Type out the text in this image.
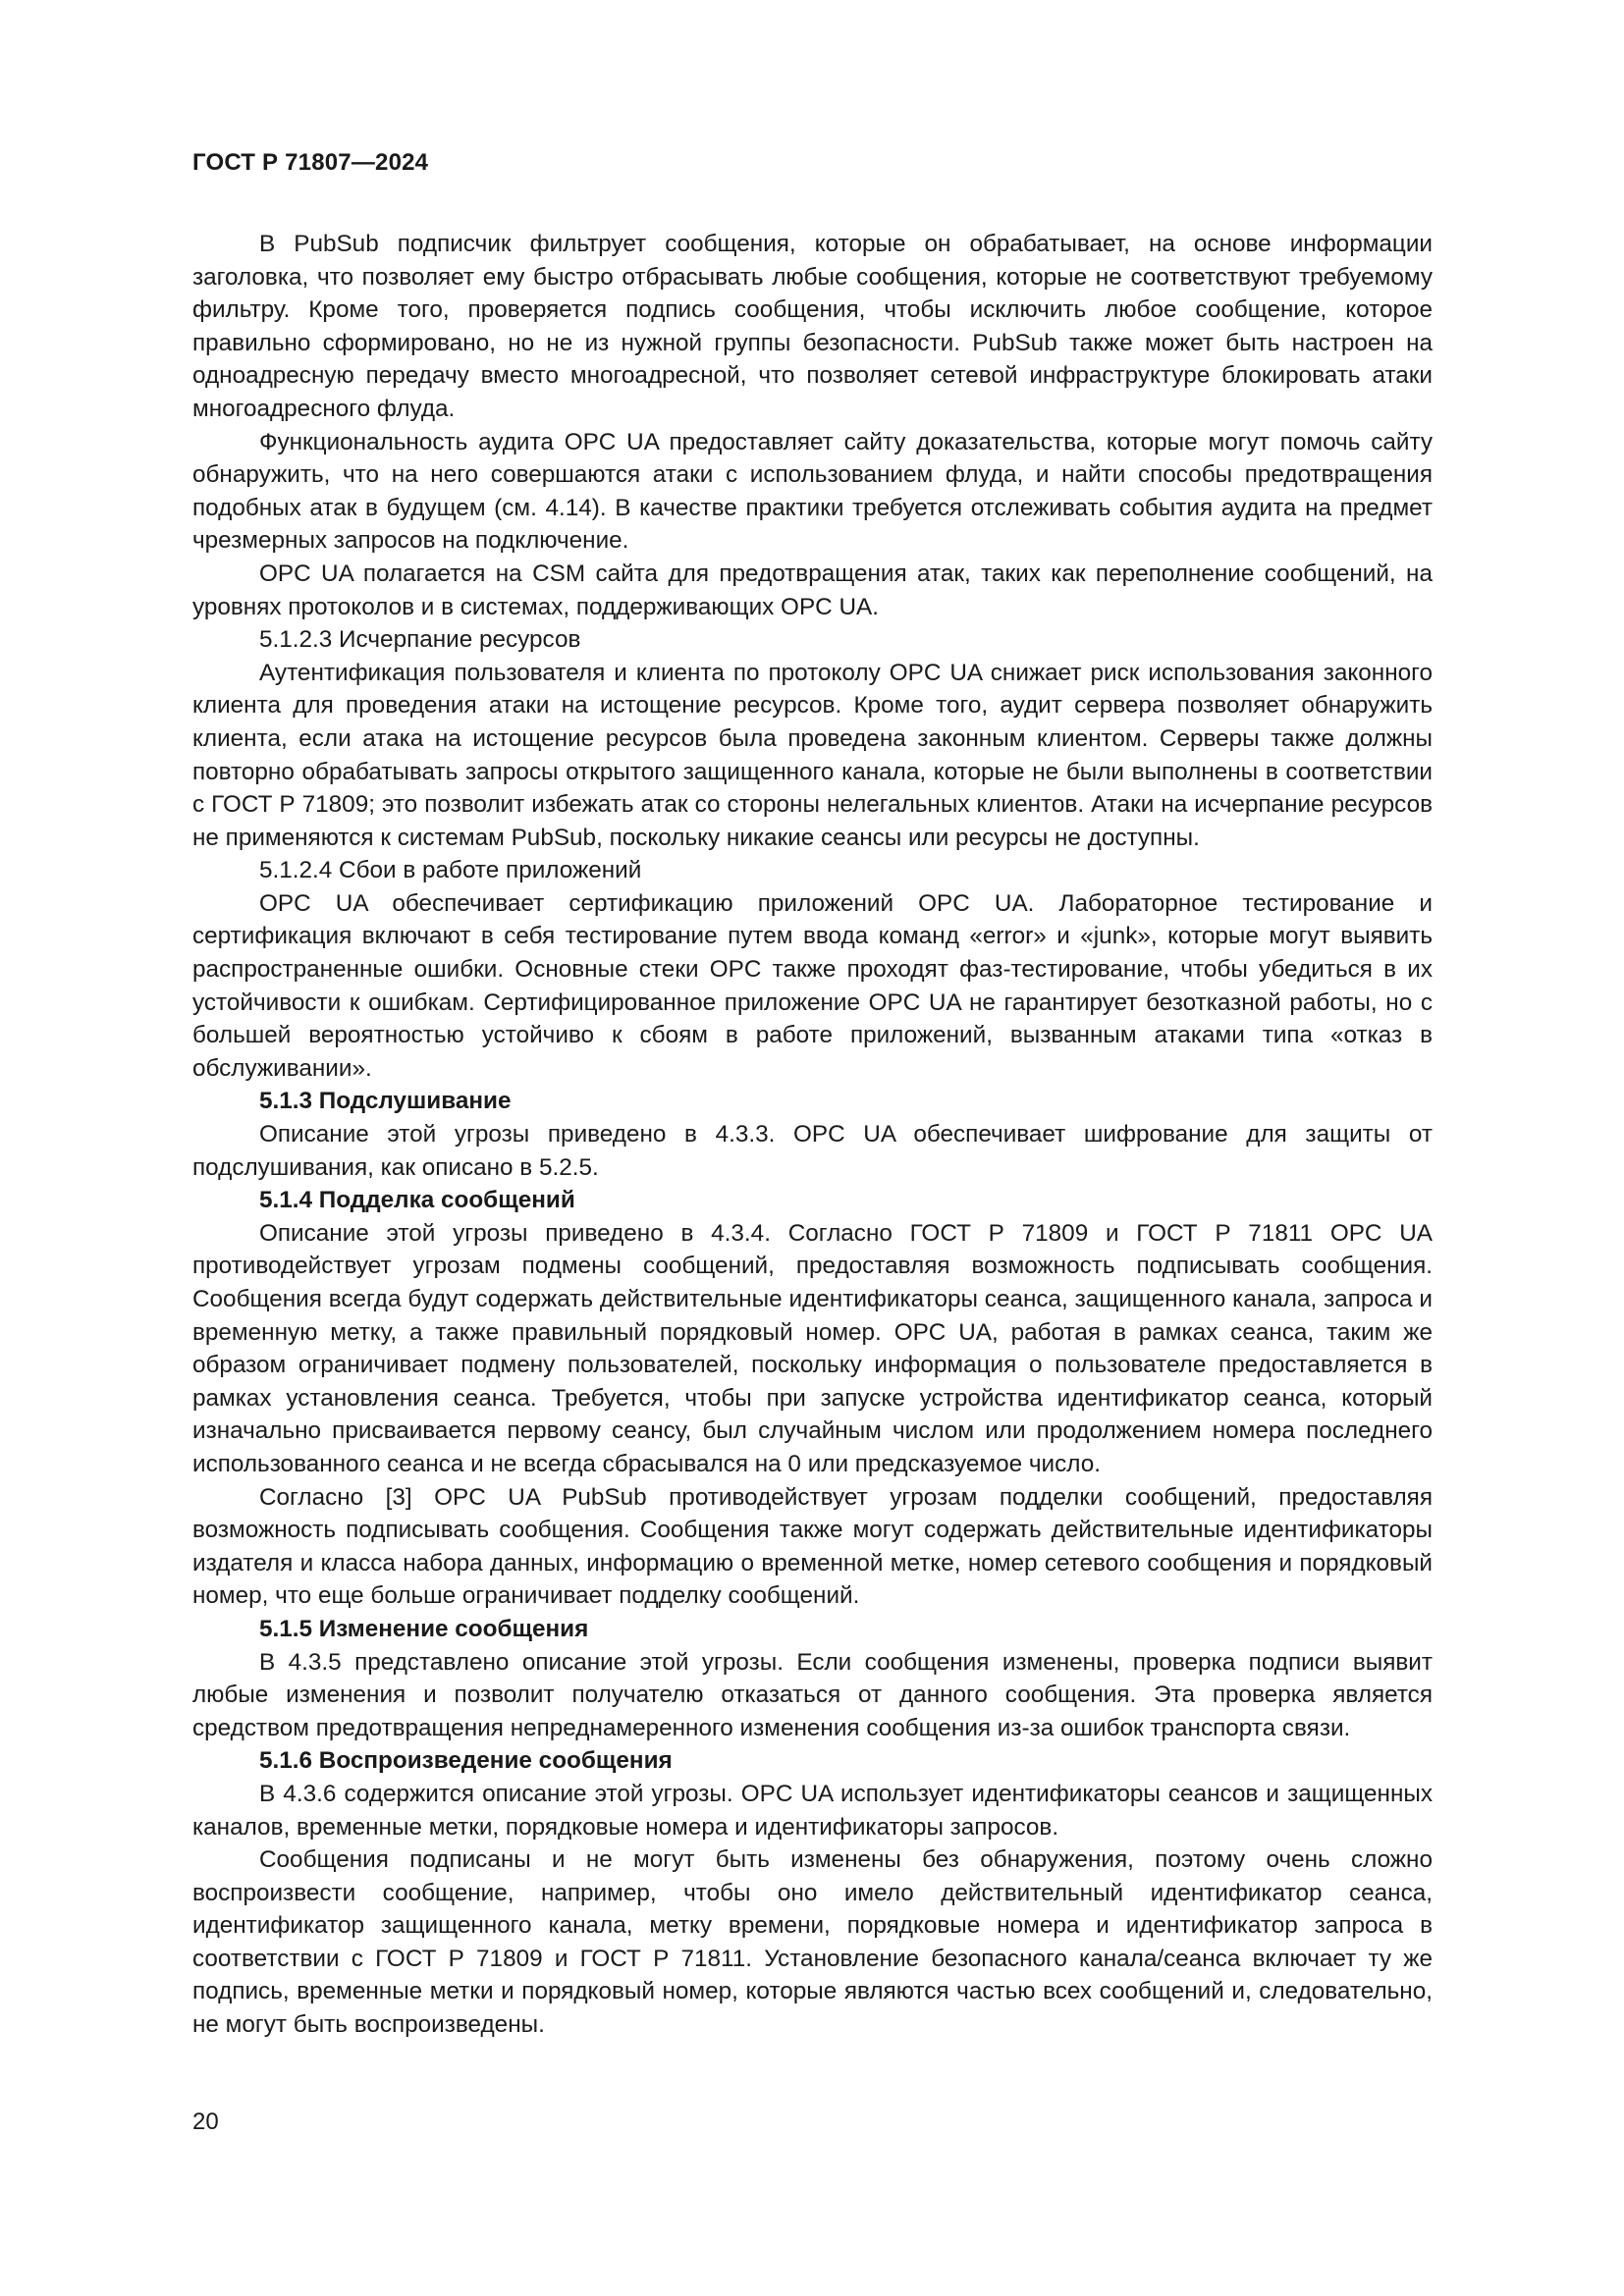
ГОСТ Р 71807—2024

В PubSub подписчик фильтрует сообщения, которые он обрабатывает, на основе информации заголовка, что позволяет ему быстро отбрасывать любые сообщения, которые не соответствуют требуемому фильтру. Кроме того, проверяется подпись сообщения, чтобы исключить любое сообщение, которое правильно сформировано, но не из нужной группы безопасности. PubSub также может быть настроен на одноадресную передачу вместо многоадресной, что позволяет сетевой инфраструктуре блокировать атаки многоадресного флуда.

Функциональность аудита OPC UA предоставляет сайту доказательства, которые могут помочь сайту обнаружить, что на него совершаются атаки с использованием флуда, и найти способы предотвращения подобных атак в будущем (см. 4.14). В качестве практики требуется отслеживать события аудита на предмет чрезмерных запросов на подключение.

OPC UA полагается на CSM сайта для предотвращения атак, таких как переполнение сообщений, на уровнях протоколов и в системах, поддерживающих OPC UA.

5.1.2.3 Исчерпание ресурсов

Аутентификация пользователя и клиента по протоколу OPC UA снижает риск использования законного клиента для проведения атаки на истощение ресурсов. Кроме того, аудит сервера позволяет обнаружить клиента, если атака на истощение ресурсов была проведена законным клиентом. Серверы также должны повторно обрабатывать запросы открытого защищенного канала, которые не были выполнены в соответствии с ГОСТ Р 71809; это позволит избежать атак со стороны нелегальных клиентов. Атаки на исчерпание ресурсов не применяются к системам PubSub, поскольку никакие сеансы или ресурсы не доступны.

5.1.2.4 Сбои в работе приложений

OPC UA обеспечивает сертификацию приложений OPC UA. Лабораторное тестирование и сертификация включают в себя тестирование путем ввода команд «error» и «junk», которые могут выявить распространенные ошибки. Основные стеки OPC также проходят фаз-тестирование, чтобы убедиться в их устойчивости к ошибкам. Сертифицированное приложение OPC UA не гарантирует безотказной работы, но с большей вероятностью устойчиво к сбоям в работе приложений, вызванным атаками типа «отказ в обслуживании».

5.1.3 Подслушивание

Описание этой угрозы приведено в 4.3.3. OPC UA обеспечивает шифрование для защиты от подслушивания, как описано в 5.2.5.

5.1.4 Подделка сообщений

Описание этой угрозы приведено в 4.3.4. Согласно ГОСТ Р 71809 и ГОСТ Р 71811 OPC UA противодействует угрозам подмены сообщений, предоставляя возможность подписывать сообщения. Сообщения всегда будут содержать действительные идентификаторы сеанса, защищенного канала, запроса и временную метку, а также правильный порядковый номер. OPC UA, работая в рамках сеанса, таким же образом ограничивает подмену пользователей, поскольку информация о пользователе предоставляется в рамках установления сеанса. Требуется, чтобы при запуске устройства идентификатор сеанса, который изначально присваивается первому сеансу, был случайным числом или продолжением номера последнего использованного сеанса и не всегда сбрасывался на 0 или предсказуемое число.

Согласно [3] OPC UA PubSub противодействует угрозам подделки сообщений, предоставляя возможность подписывать сообщения. Сообщения также могут содержать действительные идентификаторы издателя и класса набора данных, информацию о временной метке, номер сетевого сообщения и порядковый номер, что еще больше ограничивает подделку сообщений.

5.1.5 Изменение сообщения

В 4.3.5 представлено описание этой угрозы. Если сообщения изменены, проверка подписи выявит любые изменения и позволит получателю отказаться от данного сообщения. Эта проверка является средством предотвращения непреднамеренного изменения сообщения из-за ошибок транспорта связи.

5.1.6 Воспроизведение сообщения

В 4.3.6 содержится описание этой угрозы. OPC UA использует идентификаторы сеансов и защищенных каналов, временные метки, порядковые номера и идентификаторы запросов.

Сообщения подписаны и не могут быть изменены без обнаружения, поэтому очень сложно воспроизвести сообщение, например, чтобы оно имело действительный идентификатор сеанса, идентификатор защищенного канала, метку времени, порядковые номера и идентификатор запроса в соответствии с ГОСТ Р 71809 и ГОСТ Р 71811. Установление безопасного канала/сеанса включает ту же подпись, временные метки и порядковый номер, которые являются частью всех сообщений и, следовательно, не могут быть воспроизведены.

20
